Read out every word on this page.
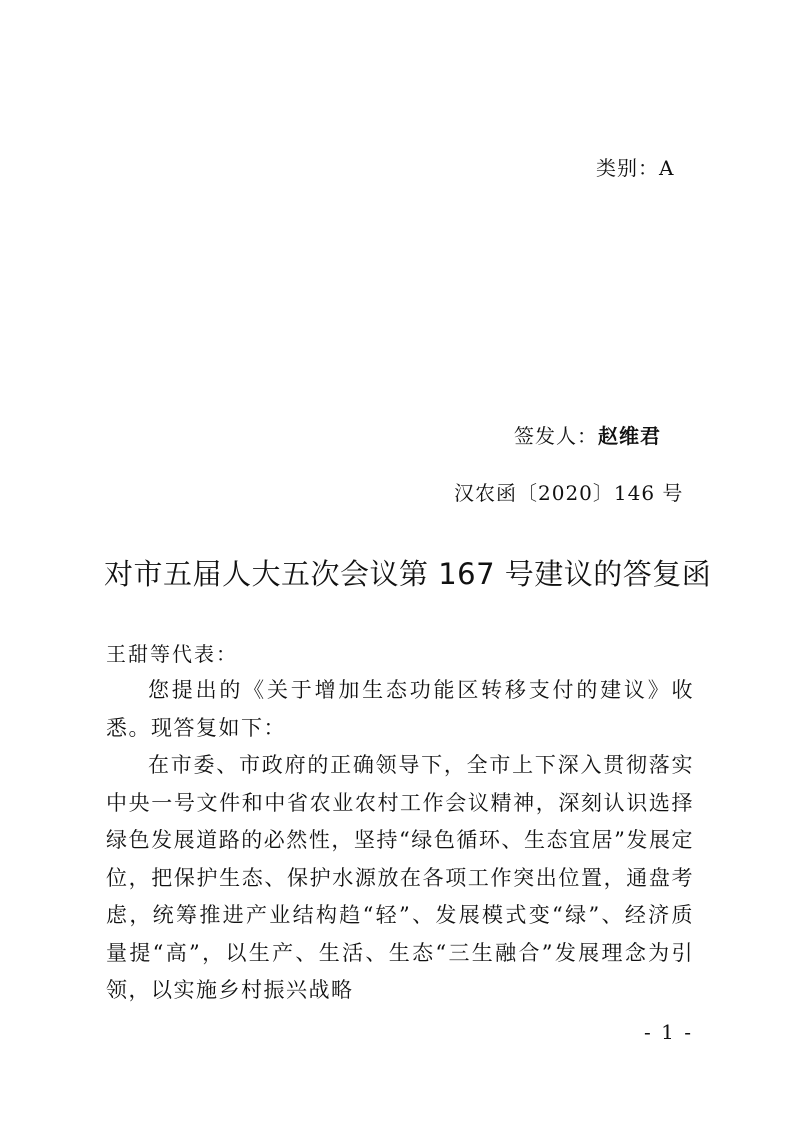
类别：A
签发人：赵维君
汉农函〔2020〕146 号
对市五届人大五次会议第 167 号建议的答复函
王甜等代表：

您提出的《关于增加生态功能区转移支付的建议》收悉。现答复如下：

在市委、市政府的正确领导下，全市上下深入贯彻落实中央一号文件和中省农业农村工作会议精神，深刻认识选择绿色发展道路的必然性，坚持“绿色循环、生态宜居”发展定位，把保护生态、保护水源放在各项工作突出位置，通盘考虑，统筹推进产业结构趋“轻”、发展模式变“绿”、经济质量提“高”，以生产、生活、生态“三生融合”发展理念为引领，以实施乡村振兴战略

- 1 -
